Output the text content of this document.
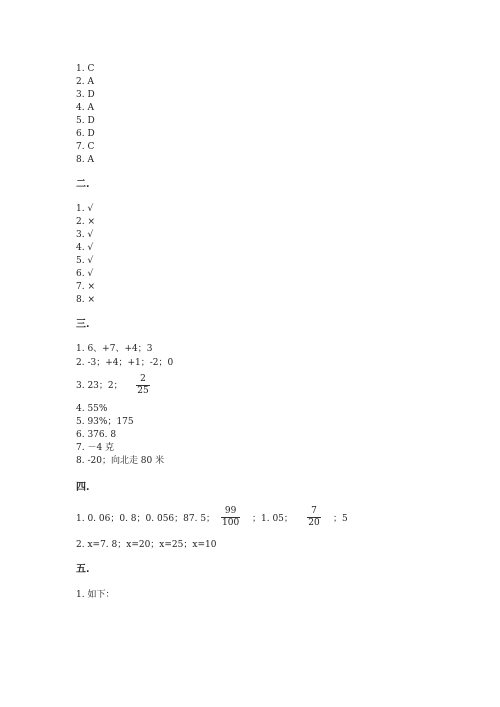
1. C
2. A
3. D
4. A
5. D
6. D
7. C
8. A
二.
1. √
2. ×
3. √
4. √
5. √
6. √
7. ×
8. ×
三.
1. 6、+7、+4；3
2. -3；+4；+1；-2；0
3. 23；2；
2
25
4. 55%
5. 93%；175
6. 376. 8
7. －4 克
8. -20；向北走 80 米
四.
1. 0. 06；0. 8；0. 056；87. 5；
99
100 ；1. 05；
7
20 ；5
2. x=7. 8；x=20；x=25；x=10
五.
1. 如下：
